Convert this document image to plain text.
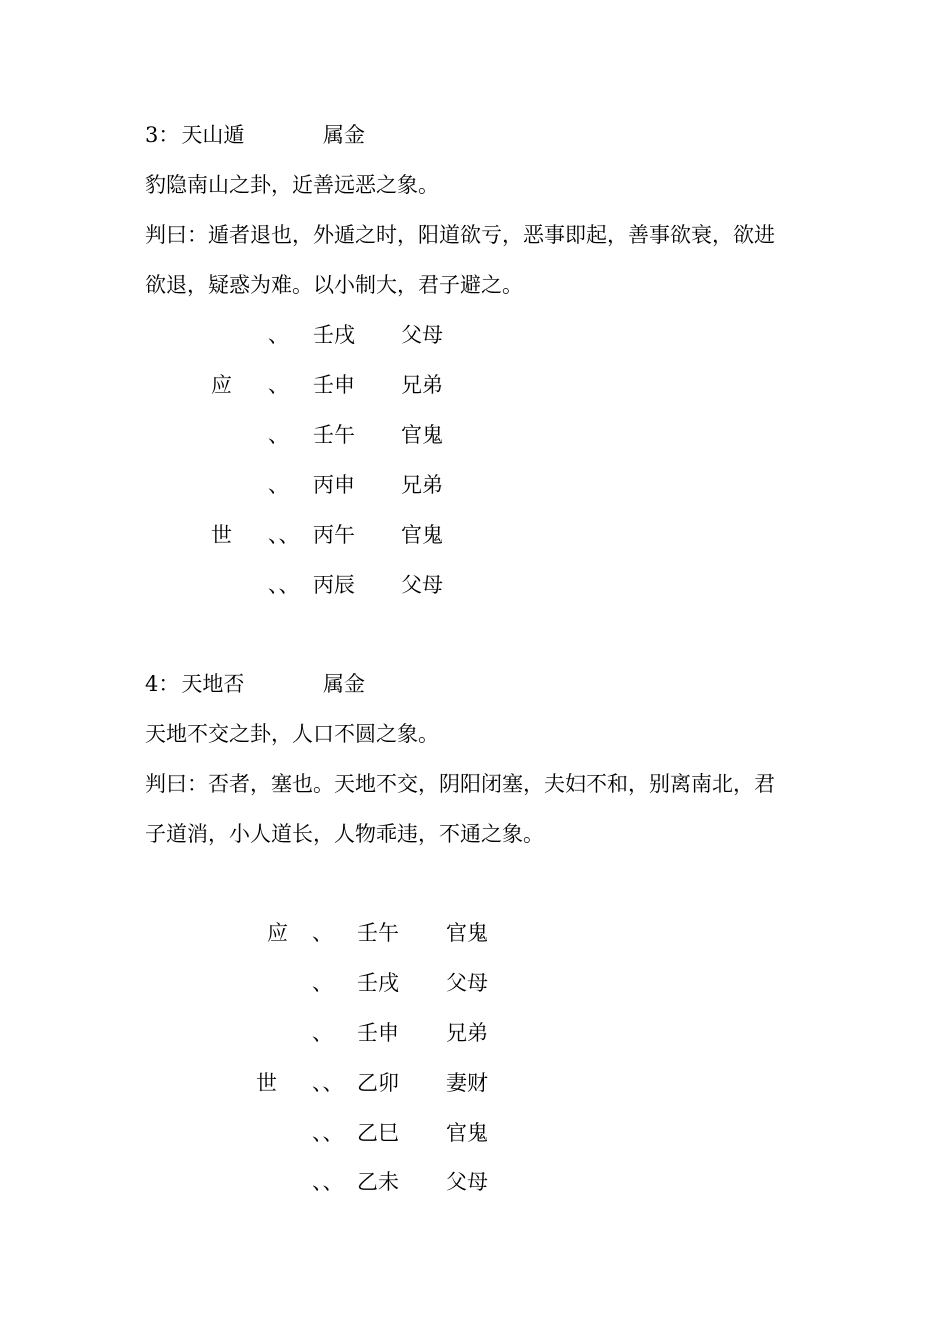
3：天山遁	属金
豹隐南山之卦，近善远恶之象。
判曰：遁者退也，外遁之时，阳道欲亏，恶事即起，善事欲衰，欲进
欲退，疑惑为难。以小制大，君子避之。
、 壬戌 父母
应 、 壬申 兄弟
、 壬午 官鬼
、 丙申 兄弟
世 、、 丙午 官鬼
、、 丙辰 父母
4：天地否	属金
天地不交之卦，人口不圆之象。
判曰：否者，塞也。天地不交，阴阳闭塞，夫妇不和，别离南北，君
子道消，小人道长，人物乖违，不通之象。
应 、 壬午 官鬼
、 壬戌 父母
、 壬申 兄弟
世 、、 乙卯 妻财
、、 乙巳 官鬼
、、 乙未 父母
